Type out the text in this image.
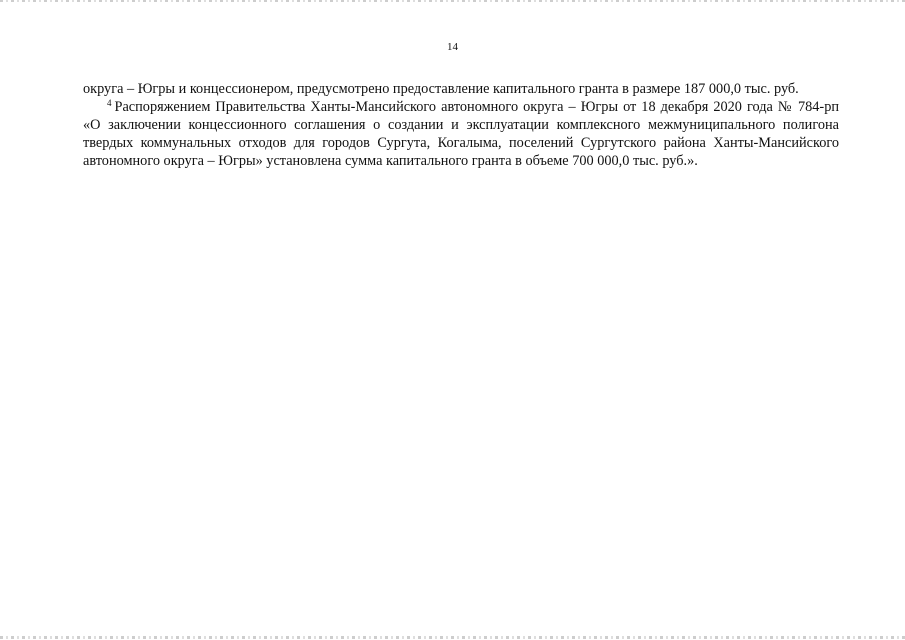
14

округа – Югры и концессионером, предусмотрено предоставление капитального гранта в размере 187 000,0 тыс. руб.

$^4$ Распоряжением Правительства Ханты-Мансийского автономного округа – Югры от 18 декабря 2020 года № 784-рп «О заключении концессионного соглашения о создании и эксплуатации комплексного межмуниципального полигона твердых коммунальных отходов для городов Сургута, Когалыма, поселений Сургутского района Ханты-Мансийского автономного округа – Югры» установлена сумма капитального гранта в объеме 700 000,0 тыс. руб.».
